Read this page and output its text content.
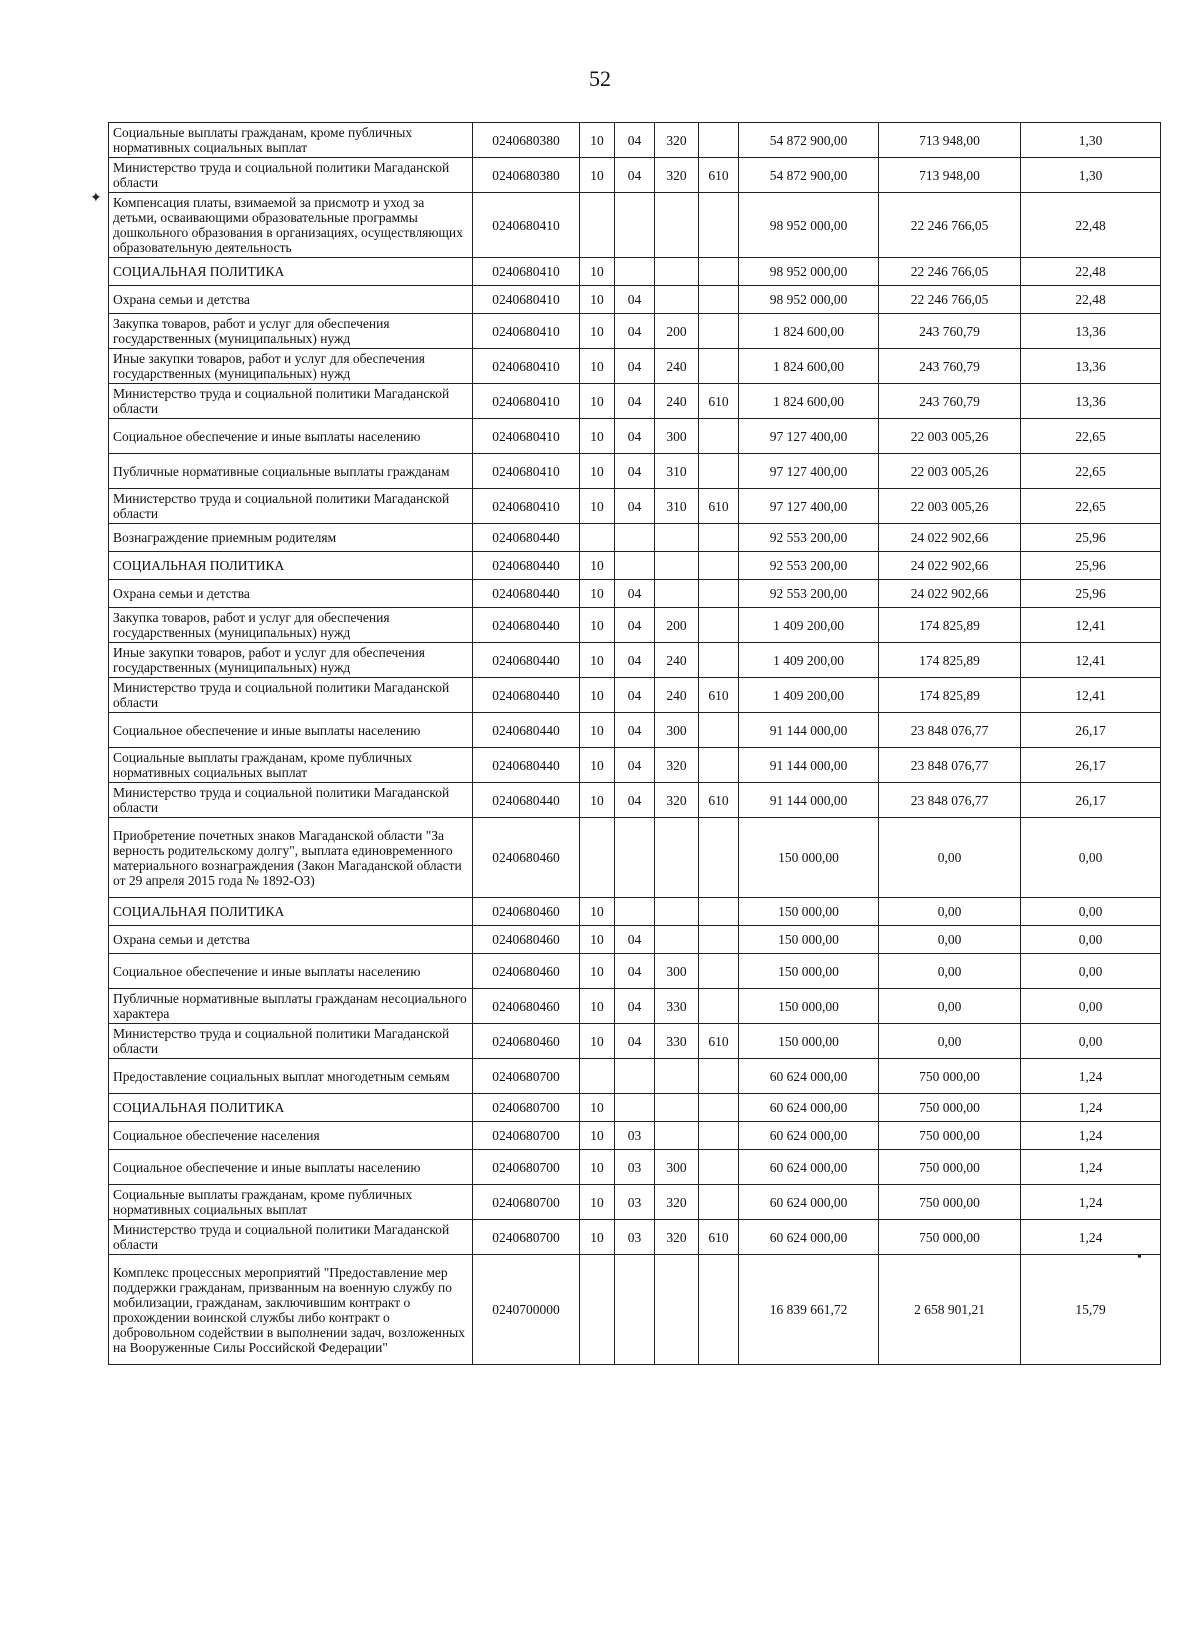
52
✦
•
Социальные выплаты гражданам, кроме публичных нормативных социальных выплат	0240680380	10	04	320		54 872 900,00	713 948,00	1,30
Министерство труда и социальной политики Магаданской области	0240680380	10	04	320	610	54 872 900,00	713 948,00	1,30
Компенсация платы, взимаемой за присмотр и уход за детьми, осваивающими образовательные программы дошкольного образования в организациях, осуществляющих образовательную деятельность	0240680410					98 952 000,00	22 246 766,05	22,48
СОЦИАЛЬНАЯ ПОЛИТИКА	0240680410	10				98 952 000,00	22 246 766,05	22,48
Охрана семьи и детства	0240680410	10	04			98 952 000,00	22 246 766,05	22,48
Закупка товаров, работ и услуг для обеспечения государственных (муниципальных) нужд	0240680410	10	04	200		1 824 600,00	243 760,79	13,36
Иные закупки товаров, работ и услуг для обеспечения государственных (муниципальных) нужд	0240680410	10	04	240		1 824 600,00	243 760,79	13,36
Министерство труда и социальной политики Магаданской области	0240680410	10	04	240	610	1 824 600,00	243 760,79	13,36
Социальное обеспечение и иные выплаты населению	0240680410	10	04	300		97 127 400,00	22 003 005,26	22,65
Публичные нормативные социальные выплаты гражданам	0240680410	10	04	310		97 127 400,00	22 003 005,26	22,65
Министерство труда и социальной политики Магаданской области	0240680410	10	04	310	610	97 127 400,00	22 003 005,26	22,65
Вознаграждение приемным родителям	0240680440					92 553 200,00	24 022 902,66	25,96
СОЦИАЛЬНАЯ ПОЛИТИКА	0240680440	10				92 553 200,00	24 022 902,66	25,96
Охрана семьи и детства	0240680440	10	04			92 553 200,00	24 022 902,66	25,96
Закупка товаров, работ и услуг для обеспечения государственных (муниципальных) нужд	0240680440	10	04	200		1 409 200,00	174 825,89	12,41
Иные закупки товаров, работ и услуг для обеспечения государственных (муниципальных) нужд	0240680440	10	04	240		1 409 200,00	174 825,89	12,41
Министерство труда и социальной политики Магаданской области	0240680440	10	04	240	610	1 409 200,00	174 825,89	12,41
Социальное обеспечение и иные выплаты населению	0240680440	10	04	300		91 144 000,00	23 848 076,77	26,17
Социальные выплаты гражданам, кроме публичных нормативных социальных выплат	0240680440	10	04	320		91 144 000,00	23 848 076,77	26,17
Министерство труда и социальной политики Магаданской области	0240680440	10	04	320	610	91 144 000,00	23 848 076,77	26,17
Приобретение почетных знаков Магаданской области "За верность родительскому долгу", выплата единовременного материального вознаграждения (Закон Магаданской области от 29 апреля 2015 года № 1892-ОЗ)	0240680460					150 000,00	0,00	0,00
СОЦИАЛЬНАЯ ПОЛИТИКА	0240680460	10				150 000,00	0,00	0,00
Охрана семьи и детства	0240680460	10	04			150 000,00	0,00	0,00
Социальное обеспечение и иные выплаты населению	0240680460	10	04	300		150 000,00	0,00	0,00
Публичные нормативные выплаты гражданам несоциального характера	0240680460	10	04	330		150 000,00	0,00	0,00
Министерство труда и социальной политики Магаданской области	0240680460	10	04	330	610	150 000,00	0,00	0,00
Предоставление социальных выплат многодетным семьям	0240680700					60 624 000,00	750 000,00	1,24
СОЦИАЛЬНАЯ ПОЛИТИКА	0240680700	10				60 624 000,00	750 000,00	1,24
Социальное обеспечение населения	0240680700	10	03			60 624 000,00	750 000,00	1,24
Социальное обеспечение и иные выплаты населению	0240680700	10	03	300		60 624 000,00	750 000,00	1,24
Социальные выплаты гражданам, кроме публичных нормативных социальных выплат	0240680700	10	03	320		60 624 000,00	750 000,00	1,24
Министерство труда и социальной политики Магаданской области	0240680700	10	03	320	610	60 624 000,00	750 000,00	1,24
Комплекс процессных мероприятий "Предоставление мер поддержки гражданам, призванным на военную службу по мобилизации, гражданам, заключившим контракт о прохождении воинской службы либо контракт о добровольном содействии в выполнении задач, возложенных на Вооруженные Силы Российской Федерации"	0240700000					16 839 661,72	2 658 901,21	15,79
